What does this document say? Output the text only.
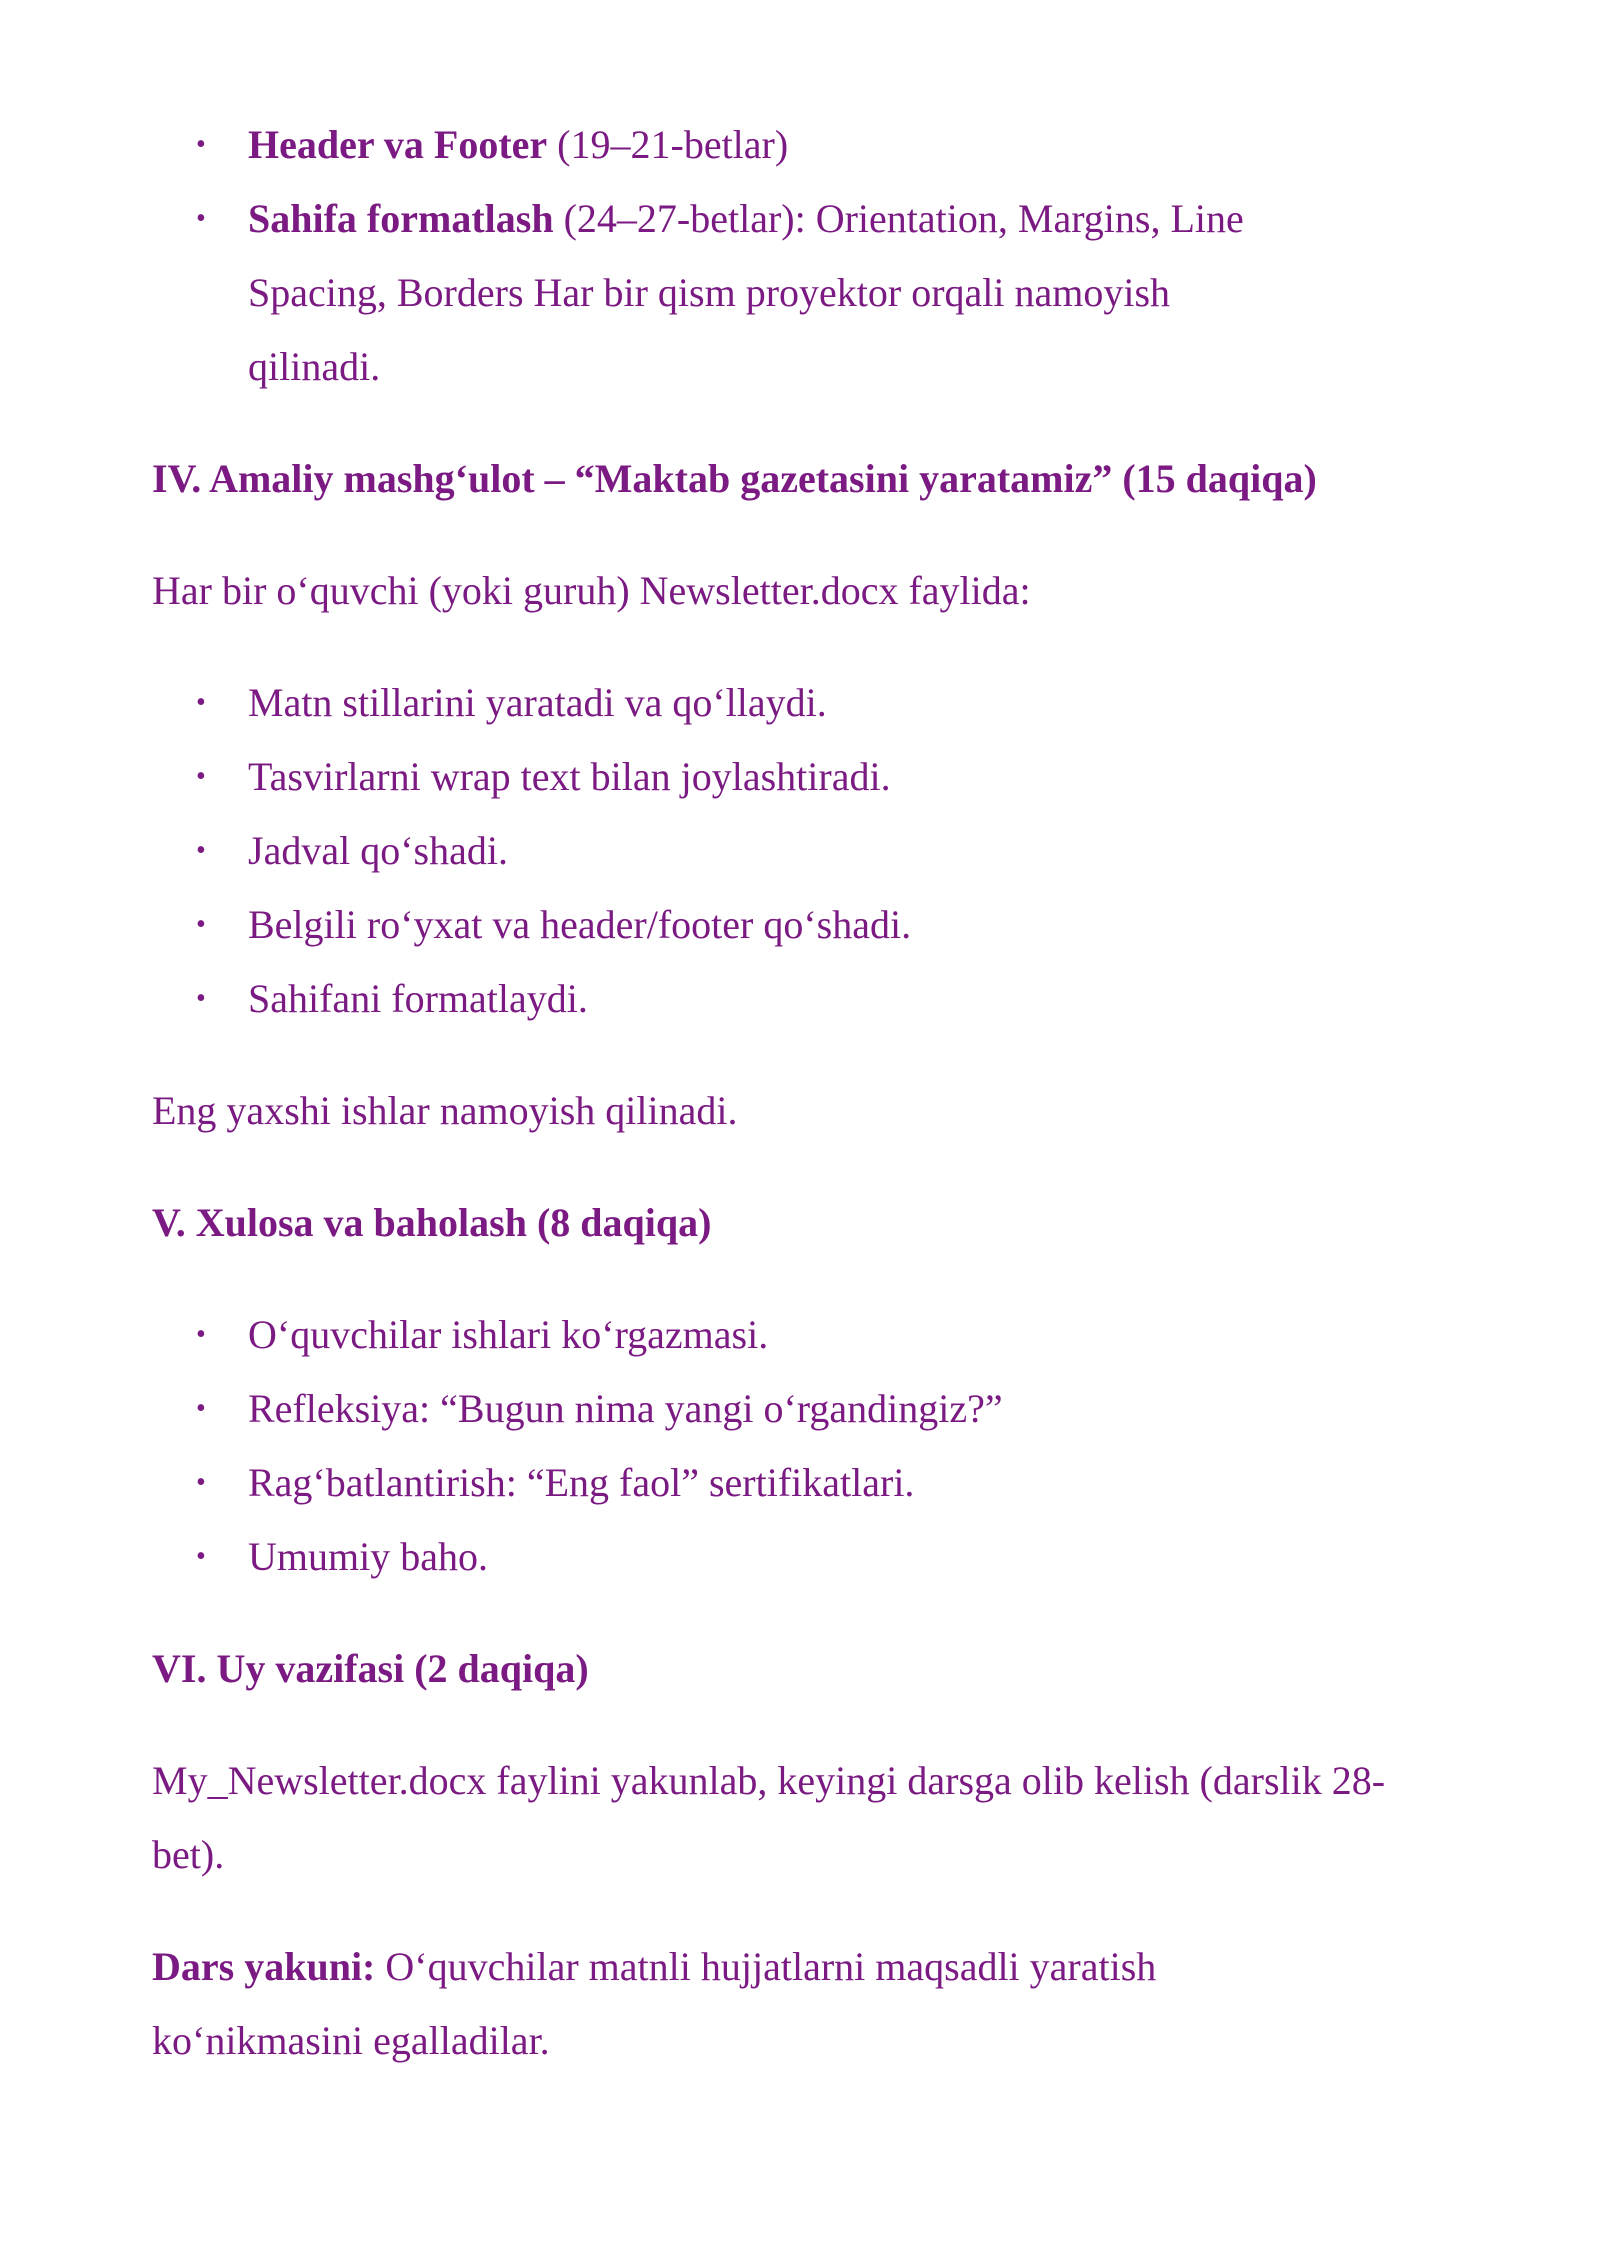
• Header va Footer (19–21-betlar)
• Sahifa formatlash (24–27-betlar): Orientation, Margins, Line Spacing, Borders Har bir qism proyektor orqali namoyish qilinadi.
IV. Amaliy mashg‘ulot – “Maktab gazetasini yaratamiz” (15 daqiqa)

Har bir o‘quvchi (yoki guruh) Newsletter.docx faylida:

• Matn stillarini yaratadi va qo‘llaydi.
• Tasvirlarni wrap text bilan joylashtiradi.
• Jadval qo‘shadi.
• Belgili ro‘yxat va header/footer qo‘shadi.
• Sahifani formatlaydi.

Eng yaxshi ishlar namoyish qilinadi.

V. Xulosa va baholash (8 daqiqa)
• O‘quvchilar ishlari ko‘rgazmasi.
• Refleksiya: “Bugun nima yangi o‘rgandingiz?”
• Rag‘batlantirish: “Eng faol” sertifikatlari.
• Umumiy baho.
VI. Uy vazifasi (2 daqiqa)

My_Newsletter.docx faylini yakunlab, keyingi darsga olib kelish (darslik 28-bet).

Dars yakuni: O‘quvchilar matnli hujjatlarni maqsadli yaratish ko‘nikmasini egalladilar.
